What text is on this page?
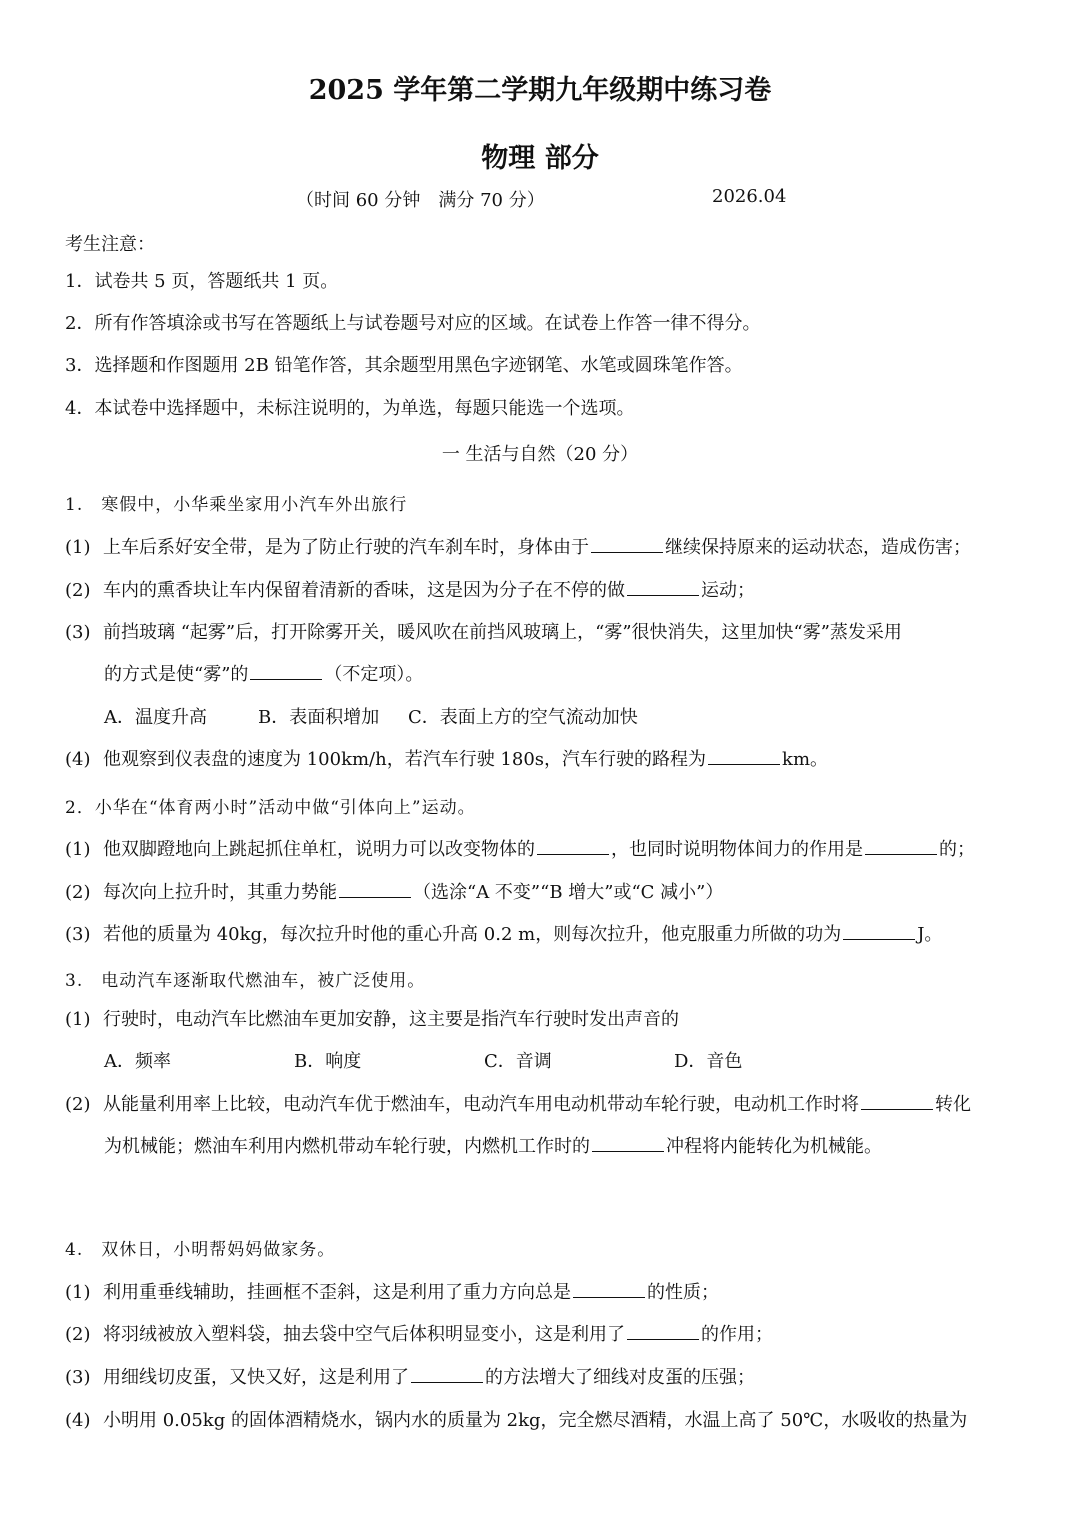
2025 学年第二学期九年级期中练习卷
物理 部分
（时间 60 分钟　满分 70 分）	2026.04
考生注意：
1．试卷共 5 页，答题纸共 1 页。
2．所有作答填涂或书写在答题纸上与试卷题号对应的区域。在试卷上作答一律不得分。
3．选择题和作图题用 2B 铅笔作答，其余题型用黑色字迹钢笔、水笔或圆珠笔作答。
4．本试卷中选择题中，未标注说明的，为单选，每题只能选一个选项。
一 生活与自然（20 分）
1.　寒假中，小华乘坐家用小汽车外出旅行
(1) 上车后系好安全带，是为了防止行驶的汽车刹车时，身体由于	继续保持原来的运动状态，造成伤害；
(2) 车内的熏香块让车内保留着清新的香味，这是因为分子在不停的做	运动；
(3) 前挡玻璃 “起雾”后，打开除雾开关，暖风吹在前挡风玻璃上，“雾”很快消失，这里加快“雾”蒸发采用
的方式是使“雾”的	（不定项）。
A．温度升高	B．表面积增加 C．表面上方的空气流动加快
(4) 他观察到仪表盘的速度为 100km/h，若汽车行驶 180s，汽车行驶的路程为	km。
2．小华在“体育两小时”活动中做“引体向上”运动。
(1) 他双脚蹬地向上跳起抓住单杠，说明力可以改变物体的	，也同时说明物体间力的作用是	的；
(2) 每次向上拉升时，其重力势能	（选涂“A 不变”“B 增大”或“C 减小”）
(3) 若他的质量为 40kg，每次拉升时他的重心升高 0.2 m，则每次拉升，他克服重力所做的功为	J。
3.　电动汽车逐渐取代燃油车，被广泛使用。
(1) 行驶时，电动汽车比燃油车更加安静，这主要是指汽车行驶时发出声音的
A．频率	B．响度	C．音调	D．音色
(2) 从能量利用率上比较，电动汽车优于燃油车，电动汽车用电动机带动车轮行驶，电动机工作时将	转化
为机械能；燃油车利用内燃机带动车轮行驶，内燃机工作时的	冲程将内能转化为机械能。
4.　双休日，小明帮妈妈做家务。
(1) 利用重垂线辅助，挂画框不歪斜，这是利用了重力方向总是	的性质；
(2) 将羽绒被放入塑料袋，抽去袋中空气后体积明显变小，这是利用了	的作用；
(3) 用细线切皮蛋，又快又好，这是利用了	的方法增大了细线对皮蛋的压强；
(4) 小明用 0.05kg 的固体酒精烧水，锅内水的质量为 2kg，完全燃尽酒精，水温上高了 50℃，水吸收的热量为
